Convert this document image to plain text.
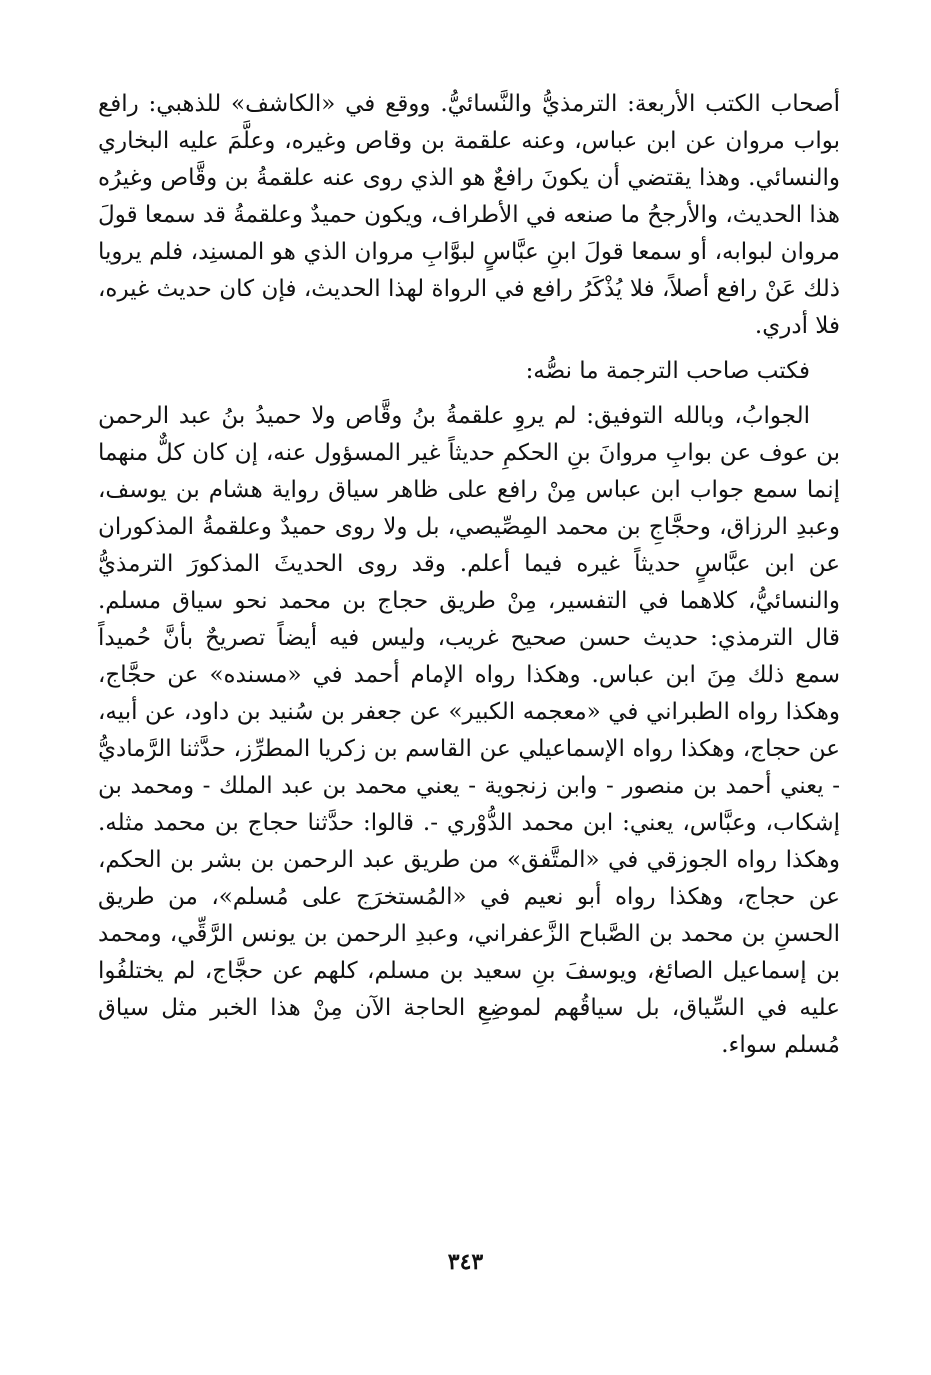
أصحاب الكتب الأربعة: الترمذيُّ والنَّسائيُّ. ووقع في «الكاشف» للذهبي: رافع بواب مروان عن ابن عباس، وعنه علقمة بن وقاص وغيره، وعلَّمَ عليه البخاري والنسائي. وهذا يقتضي أن يكونَ رافعٌ هو الذي روى عنه علقمةُ بن وقَّاص وغيرُه هذا الحديث، والأرجحُ ما صنعه في الأطراف، ويكون حميدٌ وعلقمةُ قد سمعا قولَ مروان لبوابه، أو سمعا قولَ ابنِ عبَّاسٍ لبوَّابِ مروان الذي هو المسنِد، فلم يرويا ذلك عَنْ رافع أصلاً، فلا يُذْكَرُ رافع في الرواة لهذا الحديث، فإن كان حديث غيره، فلا أدري.

فكتب صاحب الترجمة ما نصُّه:

الجوابُ، وبالله التوفيق: لم يروِ علقمةُ بنُ وقَّاص ولا حميدُ بنُ عبد الرحمن بن عوف عن بوابِ مروانَ بنِ الحكمِ حديثاً غير المسؤول عنه، إن كان كلٌّ منهما إنما سمع جواب ابن عباس مِنْ رافع على ظاهر سياق رواية هشام بن يوسف، وعبدِ الرزاق، وحجَّاجِ بن محمد المِصِّيصي، بل ولا روى حميدٌ وعلقمةُ المذكوران عن ابن عبَّاسٍ حديثاً غيره فيما أعلم. وقد روى الحديثَ المذكورَ الترمذيُّ والنسائيُّ، كلاهما في التفسير، مِنْ طريق حجاج بن محمد نحو سياق مسلم. قال الترمذي: حديث حسن صحيح غريب، وليس فيه أيضاً تصريحٌ بأنَّ حُميداً سمع ذلك مِنَ ابن عباس. وهكذا رواه الإمام أحمد في «مسنده» عن حجَّاج، وهكذا رواه الطبراني في «معجمه الكبير» عن جعفر بن سُنيد بن داود، عن أبيه، عن حجاج، وهكذا رواه الإسماعيلي عن القاسم بن زكريا المطرِّز، حدَّثنا الرَّماديُّ - يعني أحمد بن منصور - وابن زنجوية - يعني محمد بن عبد الملك - ومحمد بن إشكاب، وعبَّاس، يعني: ابن محمد الدُّوْري -. قالوا: حدَّثنا حجاج بن محمد مثله. وهكذا رواه الجوزقي في «المتَّفق» من طريق عبد الرحمن بن بشر بن الحكم، عن حجاج، وهكذا رواه أبو نعيم في «المُستخرَج على مُسلم»، من طريق الحسنِ بن محمد بن الصَّباح الزَّعفراني، وعبدِ الرحمن بن يونس الرَّقِّي، ومحمد بن إسماعيل الصائغ، ويوسفَ بنِ سعيد بن مسلم، كلهم عن حجَّاج، لم يختلفُوا عليه في السِّياق، بل سياقُهم لموضِعِ الحاجة الآن مِنْ هذا الخبر مثل سياق مُسلم سواء.

٣٤٣
